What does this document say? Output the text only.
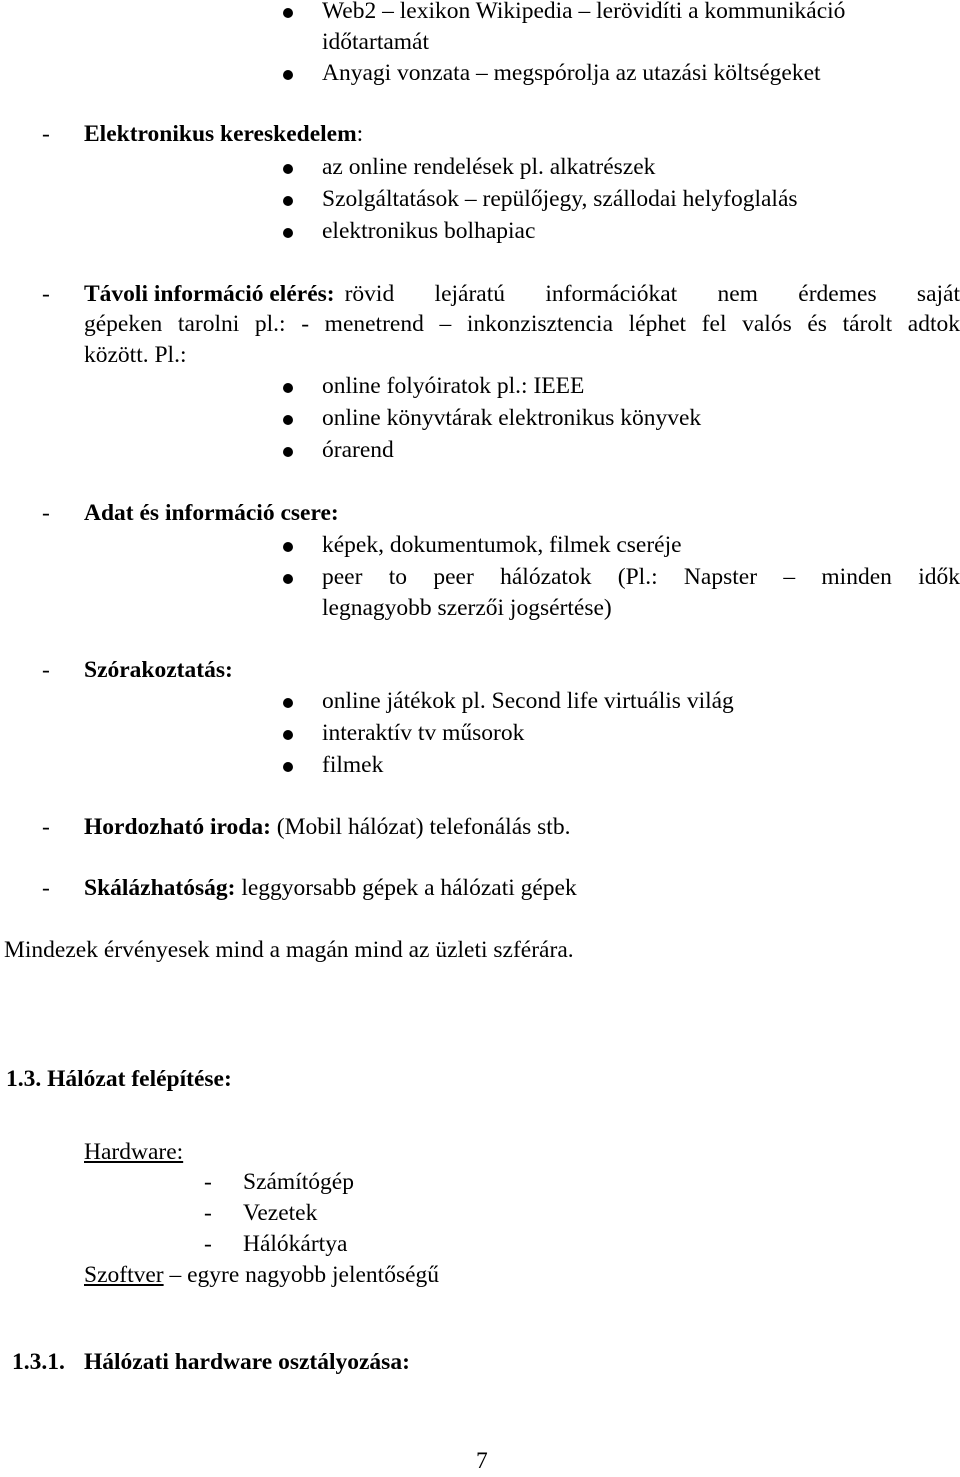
Web2 – lexikon Wikipedia – lerövidíti a kommunikáció
időtartamát
Anyagi vonzata – megspórolja az utazási költségeket
- Elektronikus kereskedelem:
az online rendelések pl. alkatrészek
Szolgáltatások – repülőjegy, szállodai helyfoglalás
elektronikus bolhapiac
- Távoli információ elérés: rövid lejáratú információkat nem érdemes saját
gépeken tarolni pl.: - menetrend – inkonzisztencia léphet fel valós és tárolt adtok
között. Pl.:
online folyóiratok pl.: IEEE
online könyvtárak elektronikus könyvek
órarend
- Adat és információ csere:
képek, dokumentumok, filmek cseréje
peer to peer hálózatok (Pl.: Napster – minden idők
legnagyobb szerzői jogsértése)
- Szórakoztatás:
online játékok pl. Second life virtuális világ
interaktív tv műsorok
filmek
- Hordozható iroda: (Mobil hálózat) telefonálás stb.
- Skálázhatóság: leggyorsabb gépek a hálózati gépek
Mindezek érvényesek mind a magán mind az üzleti szférára.
1.3. Hálózat felépítése:
Hardware:
- Számítógép
- Vezetek
- Hálókártya
Szoftver – egyre nagyobb jelentőségű
1.3.1. Hálózati hardware osztályozása:
7
